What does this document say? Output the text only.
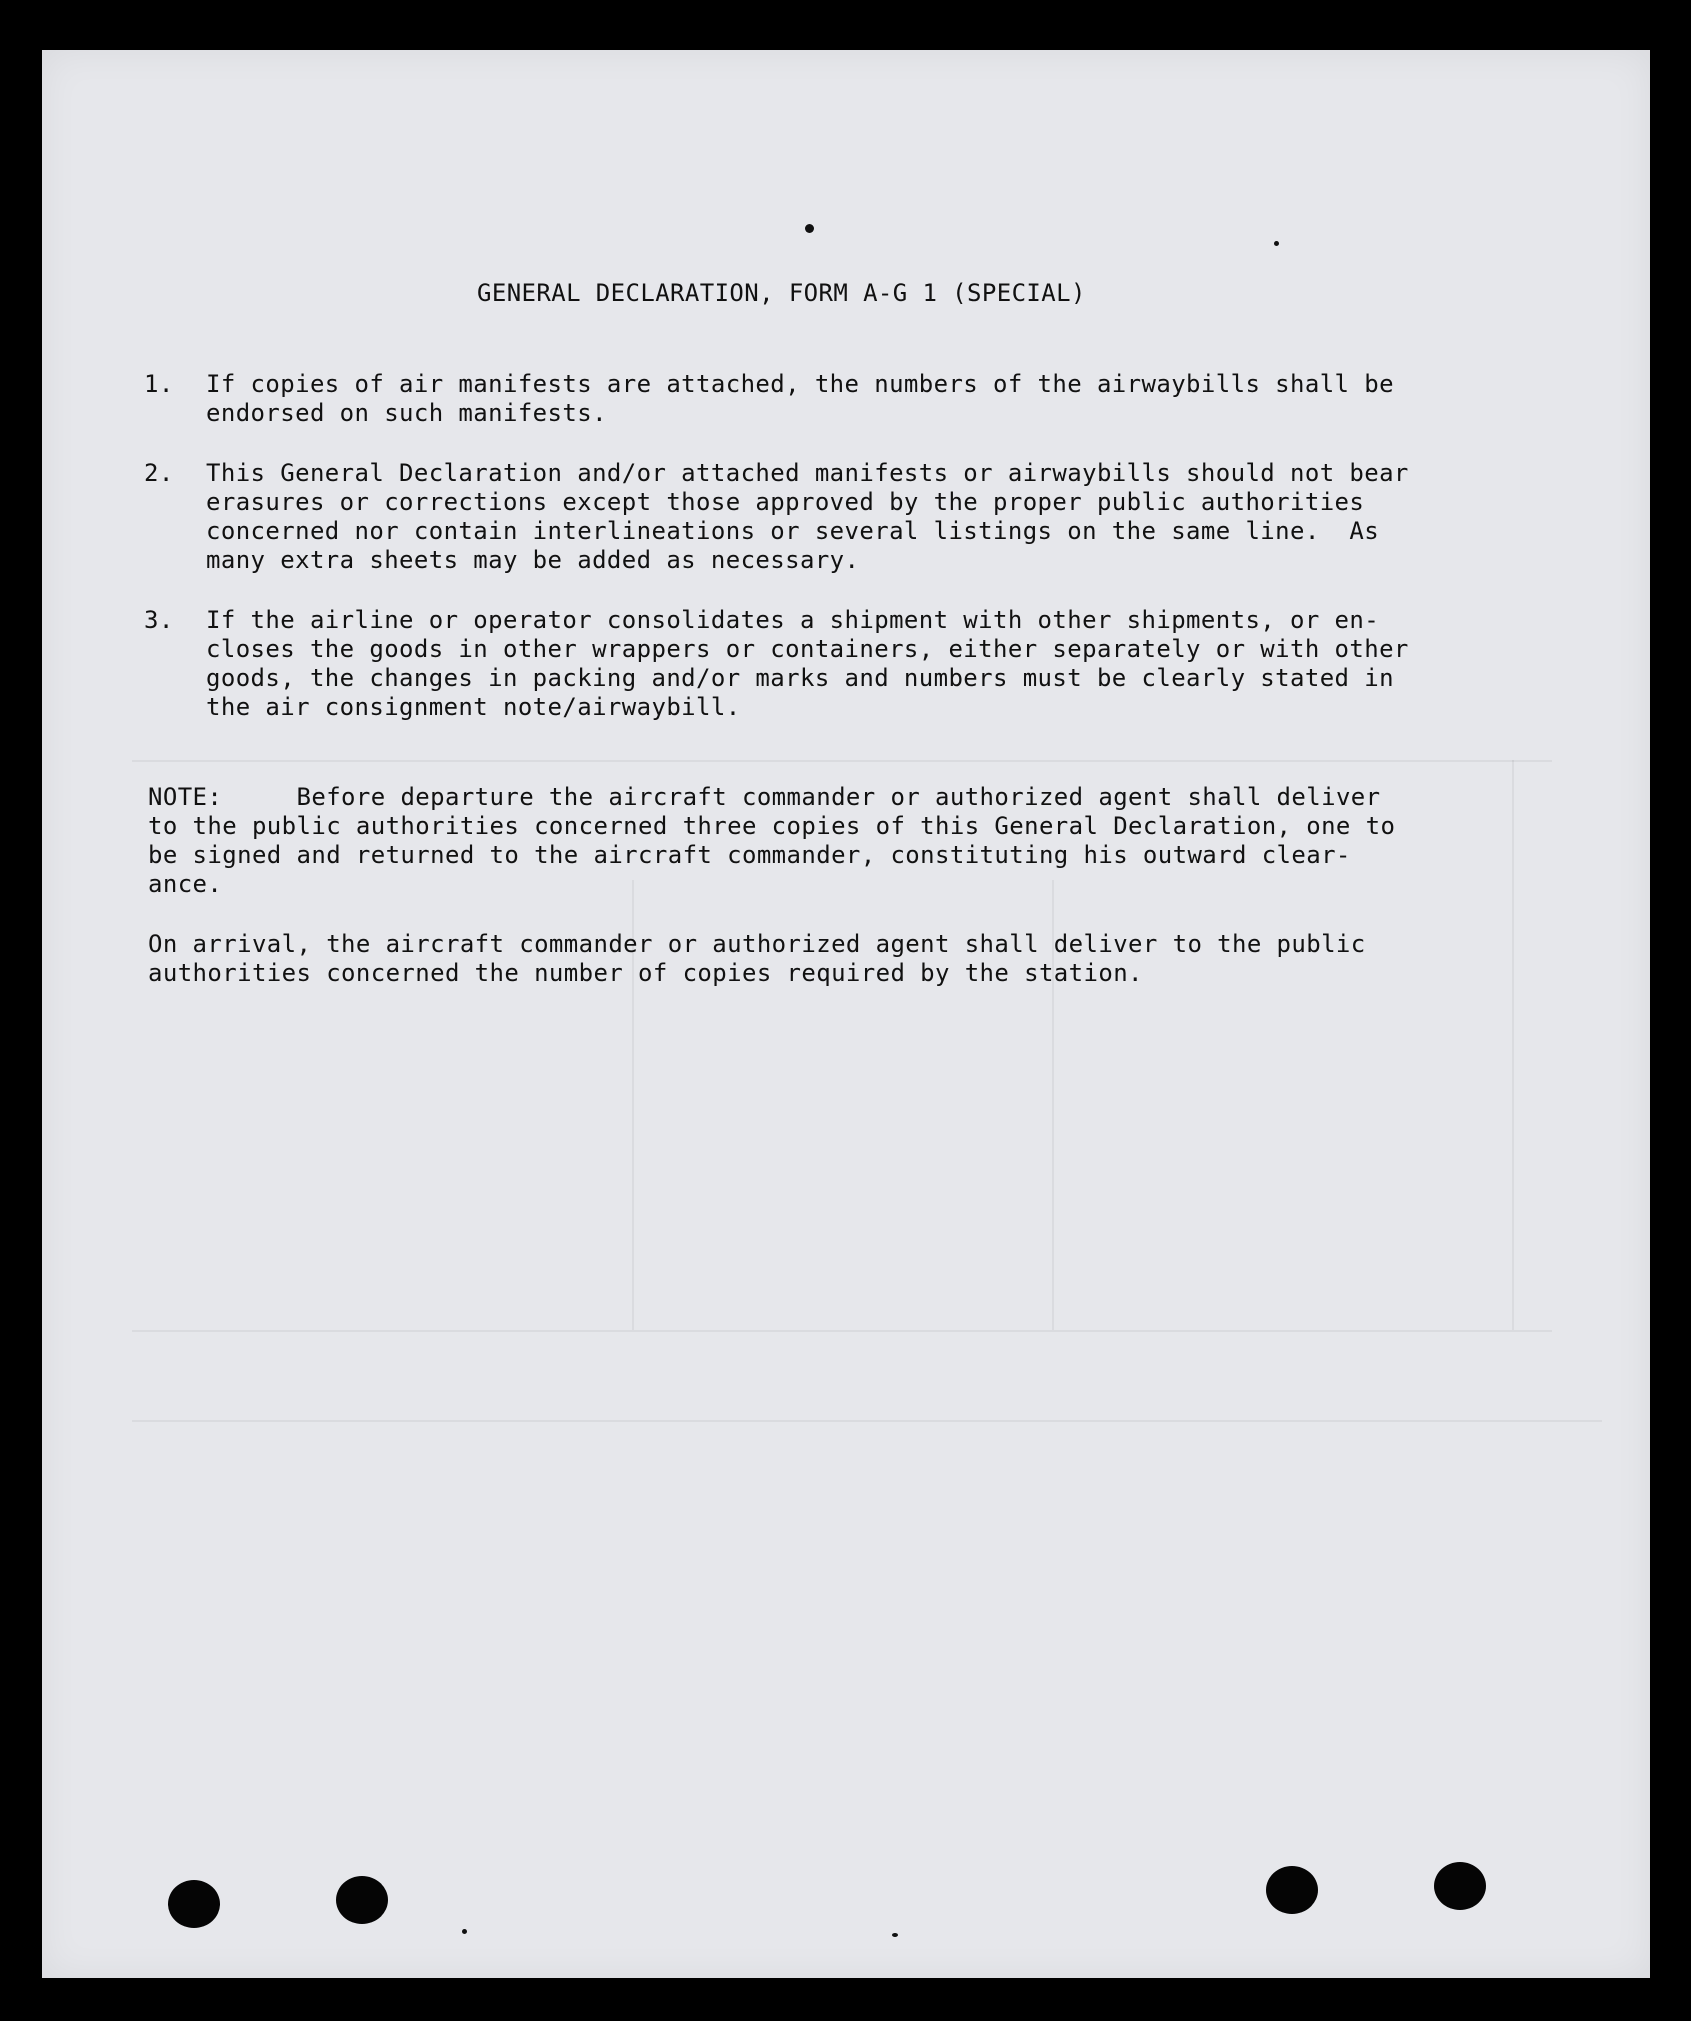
GENERAL DECLARATION, FORM A-G 1 (SPECIAL)

1.

If copies of air manifests are attached, the numbers of the airwaybills shall be
endorsed on such manifests.

2.

This General Declaration and/or attached manifests or airwaybills should not bear
erasures or corrections except those approved by the proper public authorities
concerned nor contain interlineations or several listings on the same line.  As
many extra sheets may be added as necessary.

3.

If the airline or operator consolidates a shipment with other shipments, or en-
closes the goods in other wrappers or containers, either separately or with other
goods, the changes in packing and/or marks and numbers must be clearly stated in
the air consignment note/airwaybill.

NOTE:     Before departure the aircraft commander or authorized agent shall deliver
to the public authorities concerned three copies of this General Declaration, one to
be signed and returned to the aircraft commander, constituting his outward clear-
ance.
On arrival, the aircraft commander or authorized agent shall deliver to the public
authorities concerned the number of copies required by the station.
